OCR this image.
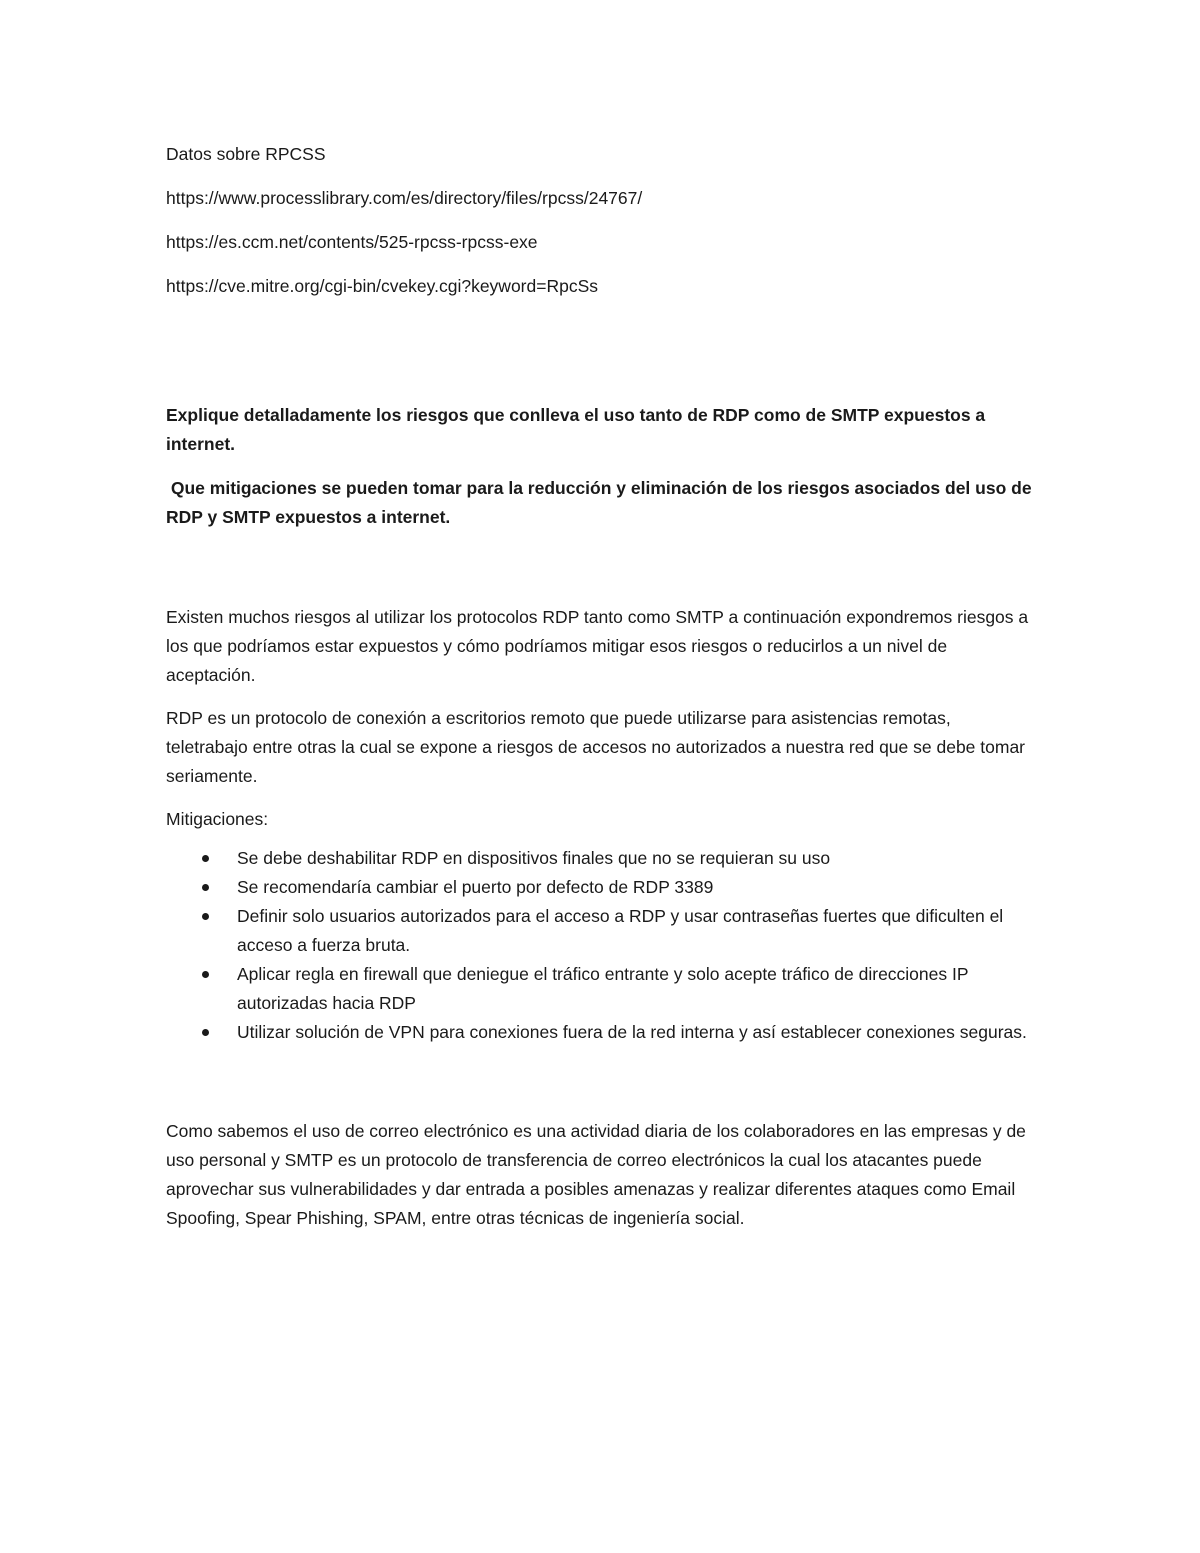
Datos sobre RPCSS

https://www.processlibrary.com/es/directory/files/rpcss/24767/

https://es.ccm.net/contents/525-rpcss-rpcss-exe

https://cve.mitre.org/cgi-bin/cvekey.cgi?keyword=RpcSs

Explique detalladamente los riesgos que conlleva el uso tanto de RDP como de SMTP expuestos a internet.

Que mitigaciones se pueden tomar para la reducción y eliminación de los riesgos asociados del uso de RDP y SMTP expuestos a internet.

Existen muchos riesgos al utilizar los protocolos RDP tanto como SMTP a continuación expondremos riesgos a los que podríamos estar expuestos y cómo podríamos mitigar esos riesgos o reducirlos a un nivel de aceptación.

RDP es un protocolo de conexión a escritorios remoto que puede utilizarse para asistencias remotas, teletrabajo entre otras la cual se expone a riesgos de accesos no autorizados a nuestra red que se debe tomar seriamente.

Mitigaciones:

Se debe deshabilitar RDP en dispositivos finales que no se requieran su uso
Se recomendaría cambiar el puerto por defecto de RDP 3389
Definir solo usuarios autorizados para el acceso a RDP y usar contraseñas fuertes que dificulten el acceso a fuerza bruta.
Aplicar regla en firewall que deniegue el tráfico entrante y solo acepte tráfico de direcciones IP autorizadas hacia RDP
Utilizar solución de VPN para conexiones fuera de la red interna y así establecer conexiones seguras.

Como sabemos el uso de correo electrónico es una actividad diaria de los colaboradores en las empresas y de uso personal y SMTP es un protocolo de transferencia de correo electrónicos la cual los atacantes puede aprovechar sus vulnerabilidades y dar entrada a posibles amenazas y realizar diferentes ataques como Email Spoofing, Spear Phishing, SPAM, entre otras técnicas de ingeniería social.
